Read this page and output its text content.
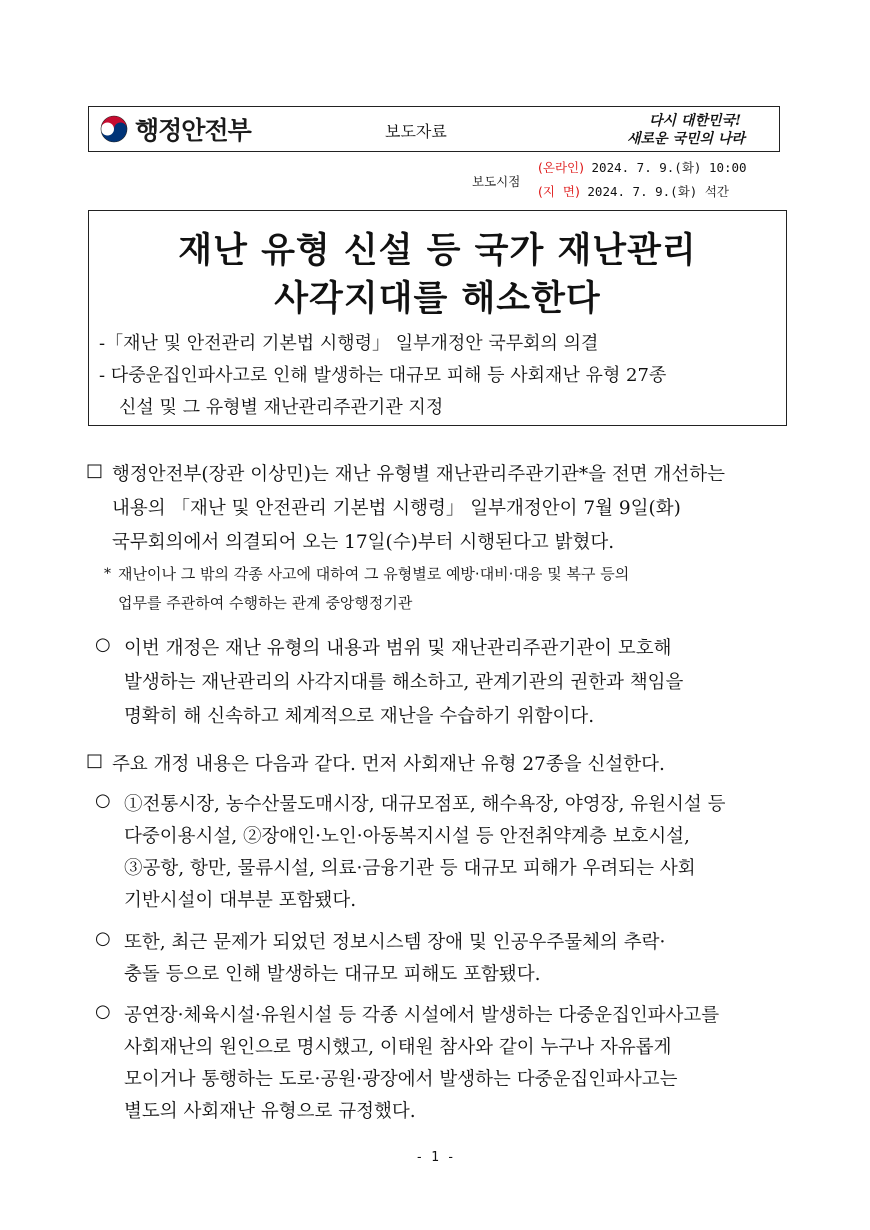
행정안전부	보도자료
다시 대한민국!
새로운 국민의 나라
보도시점
(온라인) 2024. 7. 9.(화) 10:00
(지  면) 2024. 7. 9.(화) 석간
재난 유형 신설 등 국가 재난관리
사각지대를 해소한다
-「재난 및 안전관리 기본법 시행령」 일부개정안 국무회의 의결
- 다중운집인파사고로 인해 발생하는 대규모 피해 등 사회재난 유형 27종
신설 및 그 유형별 재난관리주관기관 지정
□ 행정안전부(장관 이상민)는 재난 유형별 재난관리주관기관*을 전면 개선하는
내용의 「재난 및 안전관리 기본법 시행령」 일부개정안이 7월 9일(화)
국무회의에서 의결되어 오는 17일(수)부터 시행된다고 밝혔다.
* 재난이나 그 밖의 각종 사고에 대하여 그 유형별로 예방·대비·대응 및 복구 등의
업무를 주관하여 수행하는 관계 중앙행정기관
○ 이번 개정은 재난 유형의 내용과 범위 및 재난관리주관기관이 모호해
발생하는 재난관리의 사각지대를 해소하고, 관계기관의 권한과 책임을
명확히 해 신속하고 체계적으로 재난을 수습하기 위함이다.
□ 주요 개정 내용은 다음과 같다. 먼저 사회재난 유형 27종을 신설한다.
○ ①전통시장, 농수산물도매시장, 대규모점포, 해수욕장, 야영장, 유원시설 등
다중이용시설, ②장애인·노인·아동복지시설 등 안전취약계층 보호시설,
③공항, 항만, 물류시설, 의료·금융기관 등 대규모 피해가 우려되는 사회
기반시설이 대부분 포함됐다.
○ 또한, 최근 문제가 되었던 정보시스템 장애 및 인공우주물체의 추락·
충돌 등으로 인해 발생하는 대규모 피해도 포함됐다.
○ 공연장·체육시설·유원시설 등 각종 시설에서 발생하는 다중운집인파사고를
사회재난의 원인으로 명시했고, 이태원 참사와 같이 누구나 자유롭게
모이거나 통행하는 도로·공원·광장에서 발생하는 다중운집인파사고는
별도의 사회재난 유형으로 규정했다.
- 1 -
